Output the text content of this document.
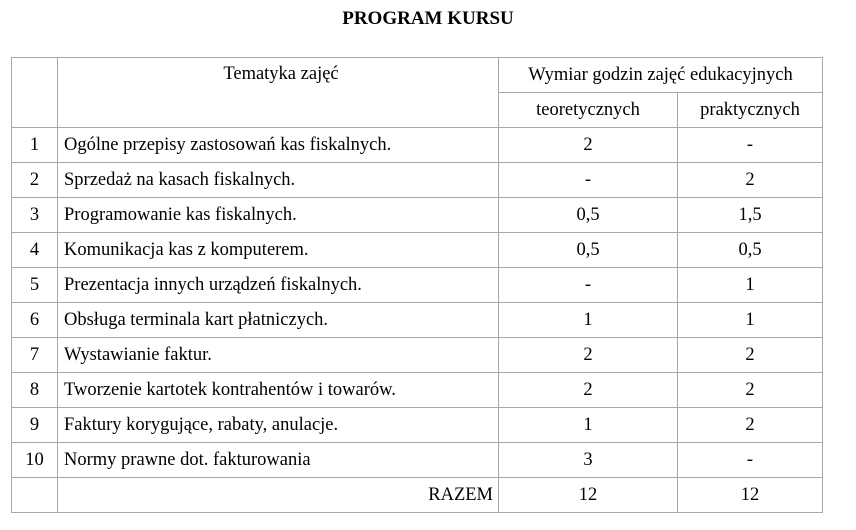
PROGRAM KURSU
	Tematyka zajęć	Wymiar godzin zajęć edukacyjnych	
		teoretycznych	praktycznych
1	Ogólne przepisy zastosowań kas fiskalnych.	2	-
2	Sprzedaż na kasach fiskalnych.	-	2
3	Programowanie kas fiskalnych.	0,5	1,5
4	Komunikacja kas z komputerem.	0,5	0,5
5	Prezentacja innych urządzeń fiskalnych.	-	1
6	Obsługa terminala kart płatniczych.	1	1
7	Wystawianie faktur.	2	2
8	Tworzenie kartotek kontrahentów i towarów.	2	2
9	Faktury korygujące, rabaty, anulacje.	1	2
10	Normy prawne dot. fakturowania	3	-
	RAZEM	12	12
